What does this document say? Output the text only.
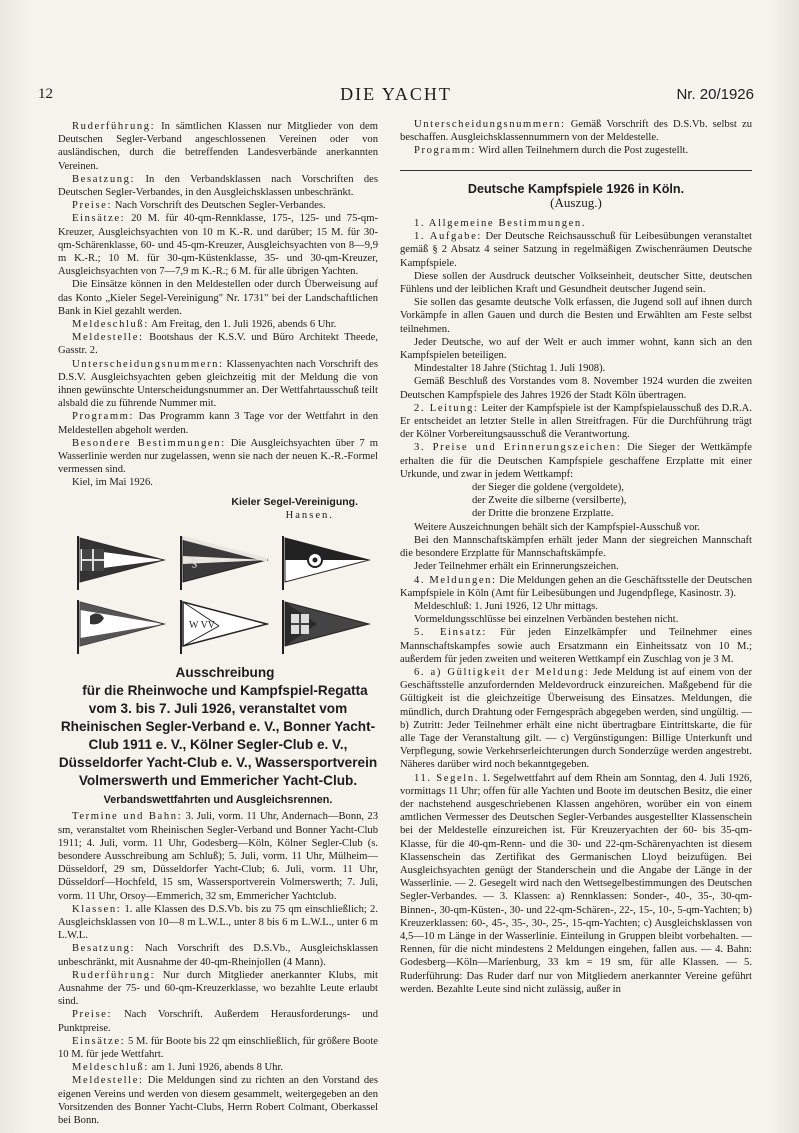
12	DIE YACHT	Nr. 20/1926

Ruderführung: In sämtlichen Klassen nur Mitglieder von dem Deutschen Segler-Verband angeschlossenen Vereinen oder von ausländischen, durch die betreffenden Landesverbände anerkannten Vereinen.

Besatzung: In den Verbandsklassen nach Vorschriften des Deutschen Segler-Verbandes, in den Ausgleichsklassen unbeschränkt.

Preise: Nach Vorschrift des Deutschen Segler-Verbandes.

Einsätze: 20 M. für 40-qm-Rennklasse, 175-, 125- und 75-qm-Kreuzer, Ausgleichsyachten von 10 m K.-R. und darüber; 15 M. für 30-qm-Schärenklasse, 60- und 45-qm-Kreuzer, Ausgleichsyachten von 8—9,9 m K.-R.; 10 M. für 30-qm-Küstenklasse, 35- und 30-qm-Kreuzer, Ausgleichsyachten von 7—7,9 m K.-R.; 6 M. für alle übrigen Yachten.

Die Einsätze können in den Meldestellen oder durch Überweisung auf das Konto „Kieler Segel-Vereinigung" Nr. 1731" bei der Landschaftlichen Bank in Kiel gezahlt werden.

Meldeschluß: Am Freitag, den 1. Juli 1926, abends 6 Uhr.

Meldestelle: Bootshaus der K.S.V. und Büro Architekt Theede, Gasstr. 2.

Unterscheidungsnummern: Klassenyachten nach Vorschrift des D.S.V. Ausgleichsyachten geben gleichzeitig mit der Meldung die von ihnen gewünschte Unterscheidungsnummer an. Der Wettfahrtausschuß teilt alsbald die zu führende Nummer mit.

Programm: Das Programm kann 3 Tage vor der Wettfahrt in den Meldestellen abgeholt werden.

Besondere Bestimmungen: Die Ausgleichsyachten über 7 m Wasserlinie werden nur zugelassen, wenn sie nach der neuen K.-R.-Formel vermessen sind.

Kiel, im Mai 1926.

Kieler Segel-Vereinigung.
Hansen.
§
W VV

Ausschreibung

für die Rheinwoche und Kampfspiel-Regatta vom 3. bis 7. Juli 1926, veranstaltet vom Rheinischen Segler-Verband e. V., Bonner Yacht-Club 1911 e. V., Kölner Segler-Club e. V., Düsseldorfer Yacht-Club e. V., Wassersportverein Volmerswerth und Emmericher Yacht-Club.

Verbandswettfahrten und Ausgleichsrennen.

Termine und Bahn: 3. Juli, vorm. 11 Uhr, Andernach—Bonn, 23 sm, veranstaltet vom Rheinischen Segler-Verband und Bonner Yacht-Club 1911; 4. Juli, vorm. 11 Uhr, Godesberg—Köln, Kölner Segler-Club (s. besondere Ausschreibung am Schluß); 5. Juli, vorm. 11 Uhr, Mülheim—Düsseldorf, 29 sm, Düsseldorfer Yacht-Club; 6. Juli, vorm. 11 Uhr, Düsseldorf—Hochfeld, 15 sm, Wassersportverein Volmerswerth; 7. Juli, vorm. 11 Uhr, Orsoy—Emmerich, 32 sm, Emmericher Yachtclub.

Klassen: 1. alle Klassen des D.S.Vb. bis zu 75 qm einschließlich; 2. Ausgleichsklassen von 10—8 m L.W.L., unter 8 bis 6 m L.W.L., unter 6 m L.W.L.

Besatzung: Nach Vorschrift des D.S.Vb., Ausgleichsklassen unbeschränkt, mit Ausnahme der 40-qm-Rheinjollen (4 Mann).

Ruderführung: Nur durch Mitglieder anerkannter Klubs, mit Ausnahme der 75- und 60-qm-Kreuzerklasse, wo bezahlte Leute erlaubt sind.

Preise: Nach Vorschrift. Außerdem Herausforderungs- und Punktpreise.

Einsätze: 5 M. für Boote bis 22 qm einschließlich, für größere Boote 10 M. für jede Wettfahrt.

Meldeschluß: am 1. Juni 1926, abends 8 Uhr.

Meldestelle: Die Meldungen sind zu richten an den Vorstand des eigenen Vereins und werden von diesem gesammelt, weitergegeben an den Vorsitzenden des Bonner Yacht-Clubs, Herrn Robert Colmant, Oberkassel bei Bonn.

Unterscheidungsnummern: Gemäß Vorschrift des D.S.Vb. selbst zu beschaffen. Ausgleichsklassennummern von der Meldestelle.

Programm: Wird allen Teilnehmern durch die Post zugestellt.

Deutsche Kampfspiele 1926 in Köln.
(Auszug.)

1. Allgemeine Bestimmungen.

1. Aufgabe: Der Deutsche Reichsausschuß für Leibesübungen veranstaltet gemäß § 2 Absatz 4 seiner Satzung in regelmäßigen Zwischenräumen Deutsche Kampfspiele.

Diese sollen der Ausdruck deutscher Volkseinheit, deutscher Sitte, deutschen Fühlens und der leiblichen Kraft und Gesundheit deutscher Jugend sein.

Sie sollen das gesamte deutsche Volk erfassen, die Jugend soll auf ihnen durch Vorkämpfe in allen Gauen und durch die Besten und Erwählten am Feste selbst teilnehmen.

Jeder Deutsche, wo auf der Welt er auch immer wohnt, kann sich an den Kampfspielen beteiligen.

Mindestalter 18 Jahre (Stichtag 1. Juli 1908).

Gemäß Beschluß des Vorstandes vom 8. November 1924 wurden die zweiten Deutschen Kampfspiele des Jahres 1926 der Stadt Köln übertragen.

2. Leitung: Leiter der Kampfspiele ist der Kampfspielausschuß des D.R.A. Er entscheidet an letzter Stelle in allen Streitfragen. Für die Durchführung trägt der Kölner Vorbereitungsausschuß die Verantwortung.

3. Preise und Erinnerungszeichen: Die Sieger der Wettkämpfe erhalten die für die Deutschen Kampfspiele geschaffene Erzplatte mit einer Urkunde, und zwar in jedem Wettkampf:

der Sieger die goldene (vergoldete),

der Zweite die silberne (versilberte),

der Dritte die bronzene Erzplatte.

Weitere Auszeichnungen behält sich der Kampfspiel-Ausschuß vor.

Bei den Mannschaftskämpfen erhält jeder Mann der siegreichen Mannschaft die besondere Erzplatte für Mannschaftskämpfe.

Jeder Teilnehmer erhält ein Erinnerungszeichen.

4. Meldungen: Die Meldungen gehen an die Geschäftsstelle der Deutschen Kampfspiele in Köln (Amt für Leibesübungen und Jugendpflege, Kasinostr. 3).

Meldeschluß: 1. Juni 1926, 12 Uhr mittags.

Vormeldungsschlüsse bei einzelnen Verbänden bestehen nicht.

5. Einsatz: Für jeden Einzelkämpfer und Teilnehmer eines Mannschaftskampfes sowie auch Ersatzmann ein Einheitssatz von 10 M.; außerdem für jeden zweiten und weiteren Wettkampf ein Zuschlag von je 3 M.

6. a) Gültigkeit der Meldung: Jede Meldung ist auf einem von der Geschäftsstelle anzufordernden Meldevordruck einzureichen. Maßgebend für die Gültigkeit ist die gleichzeitige Überweisung des Einsatzes. Meldungen, die mündlich, durch Drahtung oder Ferngespräch abgegeben werden, sind ungültig. — b) Zutritt: Jeder Teilnehmer erhält eine nicht übertragbare Eintrittskarte, die für alle Tage der Veranstaltung gilt. — c) Vergünstigungen: Billige Unterkunft und Verpflegung, sowie Verkehrserleichterungen durch Sonderzüge werden angestrebt. Näheres darüber wird noch bekanntgegeben.

11. Segeln. 1. Segelwettfahrt auf dem Rhein am Sonntag, den 4. Juli 1926, vormittags 11 Uhr; offen für alle Yachten und Boote im deutschen Besitz, die einer der nachstehend ausgeschriebenen Klassen angehören, worüber ein von einem amtlichen Vermesser des Deutschen Segler-Verbandes ausgestellter Klassenschein bei der Meldestelle einzureichen ist. Für Kreuzeryachten der 60- bis 35-qm-Klasse, für die 40-qm-Renn- und die 30- und 22-qm-Schärenyachten ist diesem Klassenschein das Zertifikat des Germanischen Lloyd beizufügen. Bei Ausgleichsyachten genügt der Standerschein und die Angabe der Länge in der Wasserlinie. — 2. Gesegelt wird nach den Wettsegelbestimmungen des Deutschen Segler-Verbandes. — 3. Klassen: a) Rennklassen: Sonder-, 40-, 35-, 30-qm-Binnen-, 30-qm-Küsten-, 30- und 22-qm-Schären-, 22-, 15-, 10-, 5-qm-Yachten; b) Kreuzerklassen: 60-, 45-, 35-, 30-, 25-, 15-qm-Yachten; c) Ausgleichsklassen von 4,5—10 m Länge in der Wasserlinie. Einteilung in Gruppen bleibt vorbehalten. — Rennen, für die nicht mindestens 2 Meldungen eingehen, fallen aus. — 4. Bahn: Godesberg—Köln—Marienburg, 33 km = 19 sm, für alle Klassen. — 5. Ruderführung: Das Ruder darf nur von Mitgliedern anerkannter Vereine geführt werden. Bezahlte Leute sind nicht zulässig, außer in
